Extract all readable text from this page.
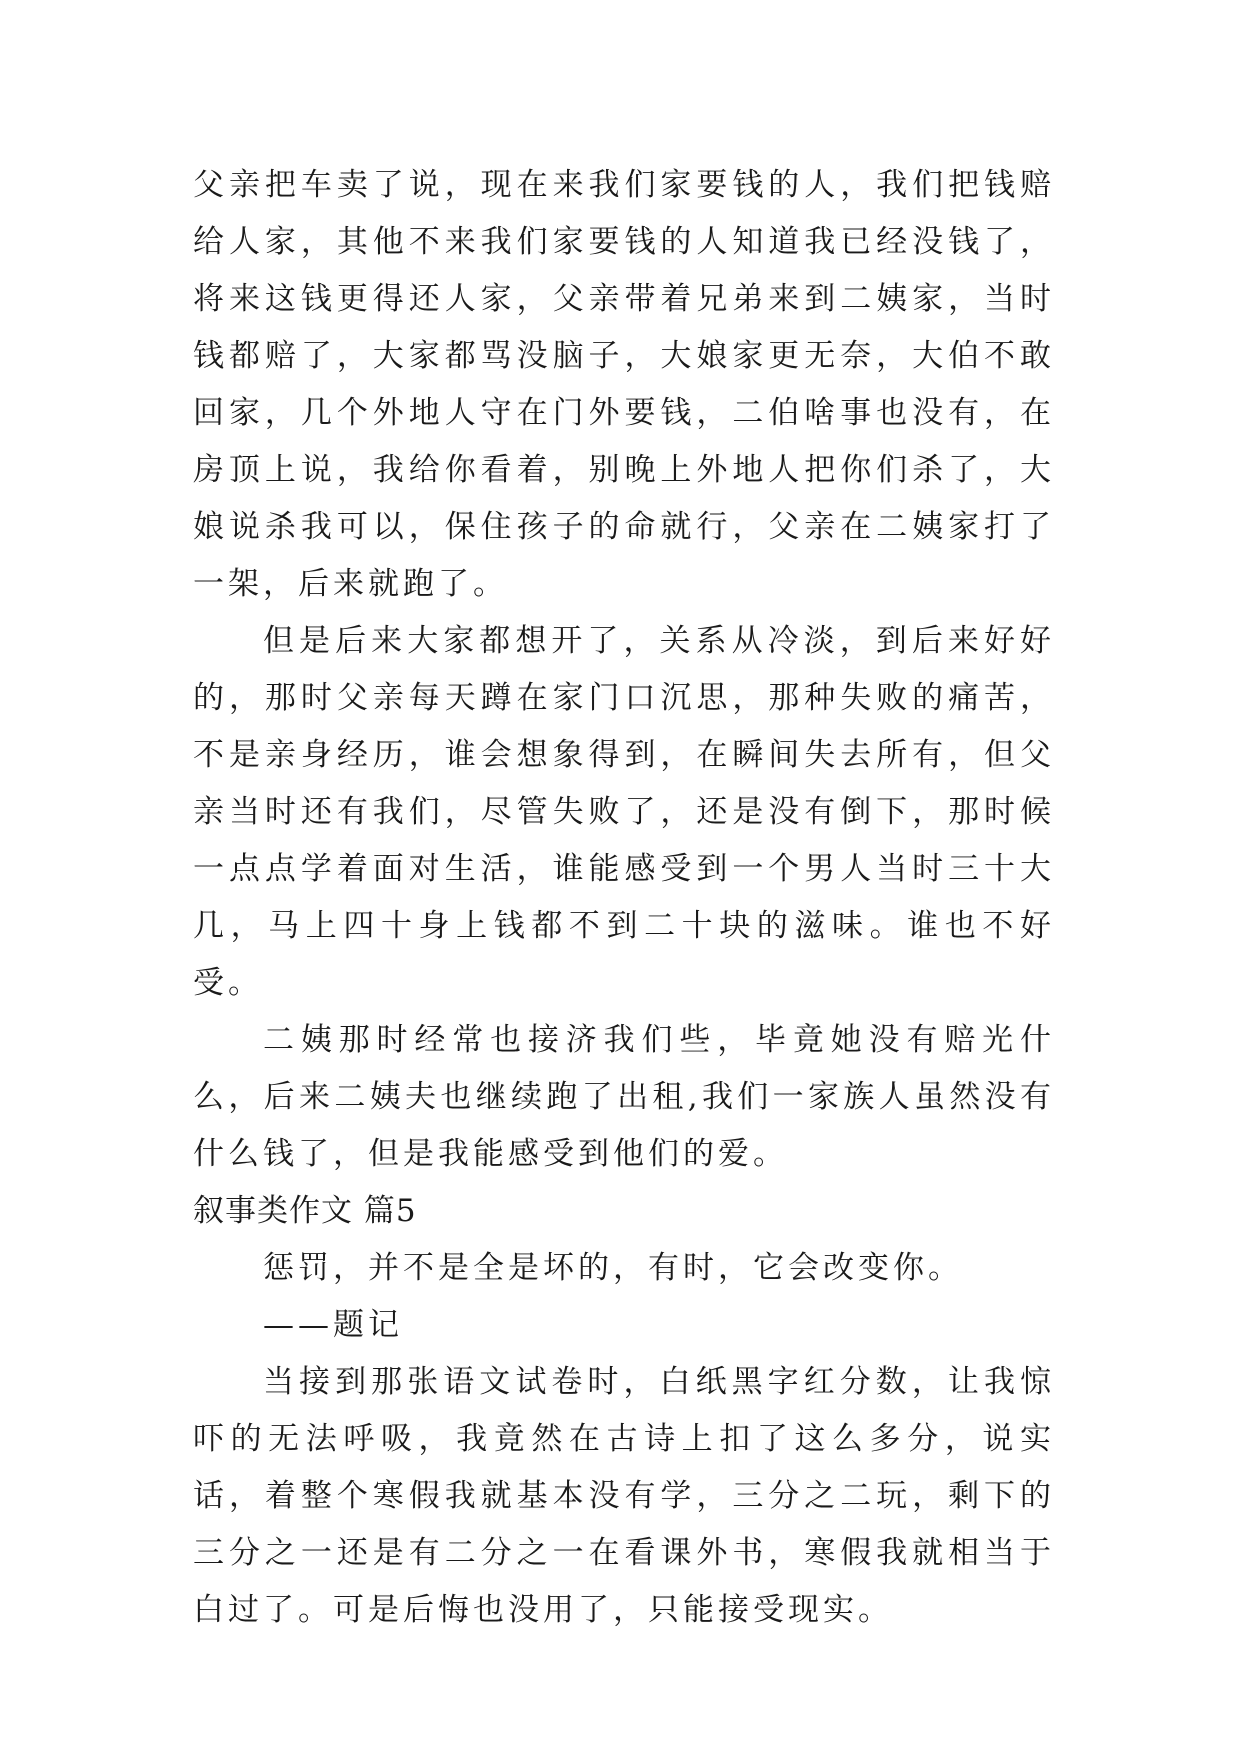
父亲把车卖了说，现在来我们家要钱的人，我们把钱赔给人家，其他不来我们家要钱的人知道我已经没钱了，将来这钱更得还人家，父亲带着兄弟来到二姨家，当时钱都赔了，大家都骂没脑子，大娘家更无奈，大伯不敢回家，几个外地人守在门外要钱，二伯啥事也没有，在房顶上说，我给你看着，别晚上外地人把你们杀了，大娘说杀我可以，保住孩子的命就行，父亲在二姨家打了一架，后来就跑了。

但是后来大家都想开了，关系从冷淡，到后来好好的，那时父亲每天蹲在家门口沉思，那种失败的痛苦，不是亲身经历，谁会想象得到，在瞬间失去所有，但父亲当时还有我们，尽管失败了，还是没有倒下，那时候一点点学着面对生活，谁能感受到一个男人当时三十大几，马上四十身上钱都不到二十块的滋味。谁也不好受。

二姨那时经常也接济我们些，毕竟她没有赔光什么，后来二姨夫也继续跑了出租,我们一家族人虽然没有什么钱了，但是我能感受到他们的爱。

叙事类作文 篇5

惩罚，并不是全是坏的，有时，它会改变你。

——题记

当接到那张语文试卷时，白纸黑字红分数，让我惊吓的无法呼吸，我竟然在古诗上扣了这么多分，说实话，着整个寒假我就基本没有学，三分之二玩，剩下的三分之一还是有二分之一在看课外书，寒假我就相当于白过了。可是后悔也没用了，只能接受现实。
